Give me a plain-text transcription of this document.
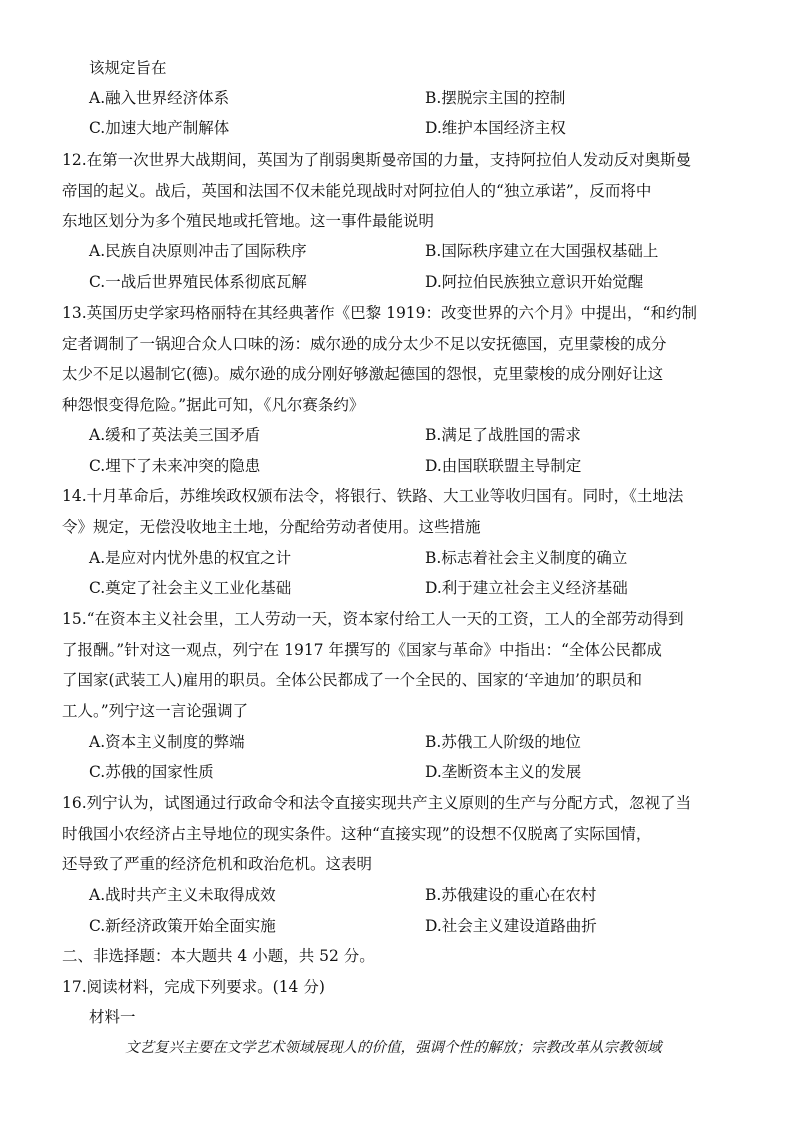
该规定旨在
A.融入世界经济体系	B.摆脱宗主国的控制
C.加速大地产制解体	D.维护本国经济主权
12.在第一次世界大战期间，英国为了削弱奥斯曼帝国的力量，支持阿拉伯人发动反对奥斯曼
帝国的起义。战后，英国和法国不仅未能兑现战时对阿拉伯人的“独立承诺”，反而将中
东地区划分为多个殖民地或托管地。这一事件最能说明
A.民族自决原则冲击了国际秩序	B.国际秩序建立在大国强权基础上
C.一战后世界殖民体系彻底瓦解	D.阿拉伯民族独立意识开始觉醒
13.英国历史学家玛格丽特在其经典著作《巴黎 1919：改变世界的六个月》中提出，“和约制
定者调制了一锅迎合众人口味的汤：威尔逊的成分太少不足以安抚德国，克里蒙梭的成分
太少不足以遏制它(德)。威尔逊的成分刚好够激起德国的怨恨，克里蒙梭的成分刚好让这
种怨恨变得危险。”据此可知，《凡尔赛条约》
A.缓和了英法美三国矛盾	B.满足了战胜国的需求
C.埋下了未来冲突的隐患	D.由国联联盟主导制定
14.十月革命后，苏维埃政权颁布法令，将银行、铁路、大工业等收归国有。同时，《土地法
令》规定，无偿没收地主土地，分配给劳动者使用。这些措施
A.是应对内忧外患的权宜之计	B.标志着社会主义制度的确立
C.奠定了社会主义工业化基础	D.利于建立社会主义经济基础
15.“在资本主义社会里，工人劳动一天，资本家付给工人一天的工资，工人的全部劳动得到
了报酬。”针对这一观点，列宁在 1917 年撰写的《国家与革命》中指出：“全体公民都成
了国家(武装工人)雇用的职员。全体公民都成了一个全民的、国家的‘辛迪加’的职员和
工人。”列宁这一言论强调了
A.资本主义制度的弊端	B.苏俄工人阶级的地位
C.苏俄的国家性质	D.垄断资本主义的发展
16.列宁认为，试图通过行政命令和法令直接实现共产主义原则的生产与分配方式，忽视了当
时俄国小农经济占主导地位的现实条件。这种“直接实现”的设想不仅脱离了实际国情，
还导致了严重的经济危机和政治危机。这表明
A.战时共产主义未取得成效	B.苏俄建设的重心在农村
C.新经济政策开始全面实施	D.社会主义建设道路曲折
二、非选择题：本大题共 4 小题，共 52 分。
17.阅读材料，完成下列要求。(14 分)
材料一
文艺复兴主要在文学艺术领域展现人的价值，强调个性的解放；宗教改革从宗教领域
